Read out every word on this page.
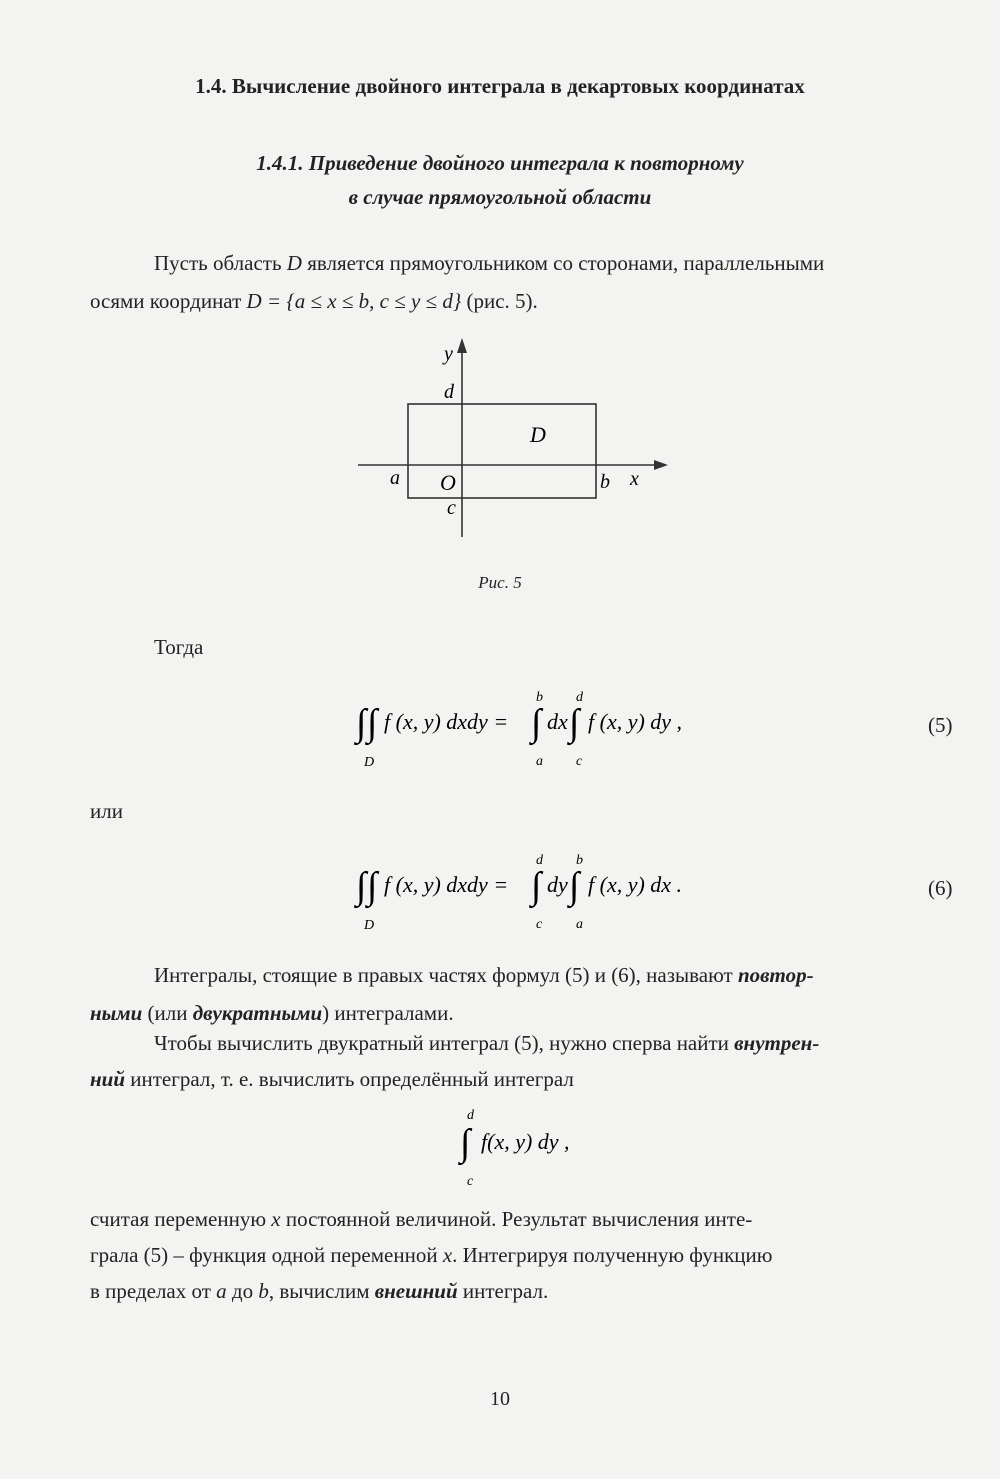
1.4. Вычисление двойного интеграла в декартовых координатах
1.4.1. Приведение двойного интеграла к повторному
в случае прямоугольной области
Пусть область D является прямоугольником со сторонами, параллельными
осями координат D = {a ≤ x ≤ b, c ≤ y ≤ d} (рис. 5).
y
d
D
a O	b x
c
Рис. 5
Тогда
∫ ∫
D
f (x, y) dxdy = ∫
b
a
dx ∫
d
c
f (x, y) dy ,	(5)
или
∫ ∫
D
f (x, y) dxdy = ∫
d
c
dy ∫
b
a
f (x, y) dx .	(6)
Интегралы, стоящие в правых частях формул (5) и (6), называют повтор-
ными (или двукратными) интегралами.
Чтобы вычислить двукратный интеграл (5), нужно сперва найти внутрен-
ний интеграл, т. е. вычислить определённый интеграл
∫
d
c
f(x, y) dy ,
считая переменную x постоянной величиной. Результат вычисления инте-
грала (5) – функция одной переменной x. Интегрируя полученную функцию
в пределах от a до b, вычислим внешний интеграл.
10
